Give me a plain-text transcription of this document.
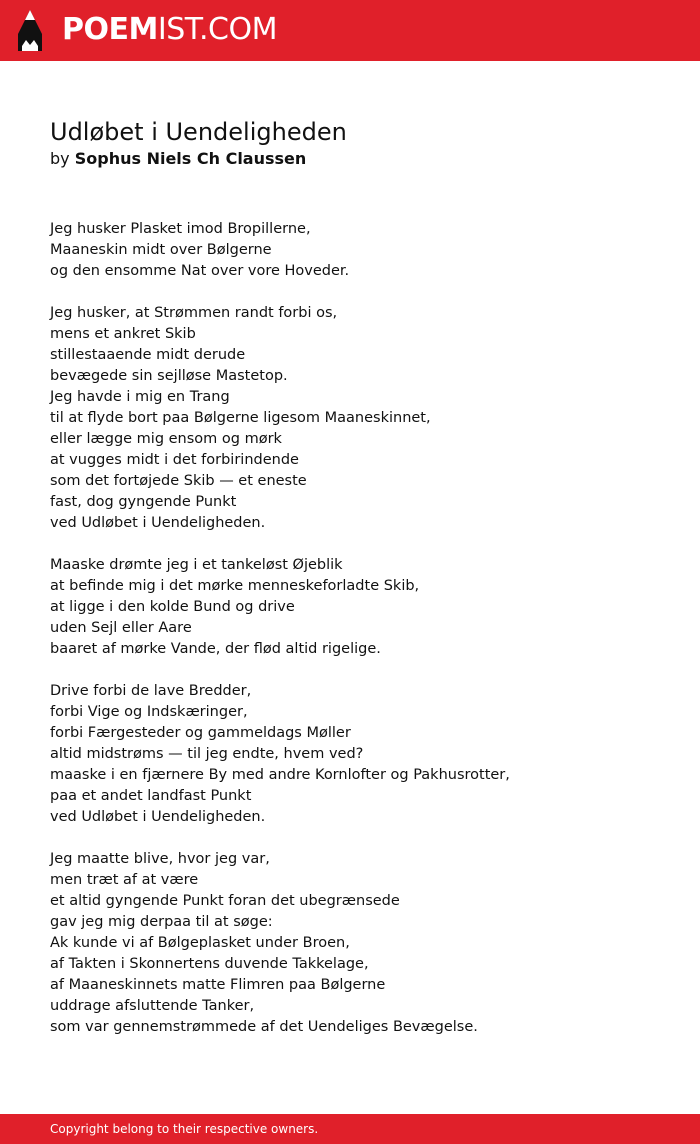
POEMIST.COM
Udløbet i Uendeligheden
by Sophus Niels Ch Claussen
Jeg husker Plasket imod Bropillerne,
Maaneskin midt over Bølgerne
og den ensomme Nat over vore Hoveder.
Jeg husker, at Strømmen randt forbi os,
mens et ankret Skib
stillestaaende midt derude
bevægede sin sejlløse Mastetop.
Jeg havde i mig en Trang
til at flyde bort paa Bølgerne ligesom Maaneskinnet,
eller lægge mig ensom og mørk
at vugges midt i det forbirindende
som det fortøjede Skib — et eneste
fast, dog gyngende Punkt
ved Udløbet i Uendeligheden.
Maaske drømte jeg i et tankeløst Øjeblik
at befinde mig i det mørke menneskeforladte Skib,
at ligge i den kolde Bund og drive
uden Sejl eller Aare
baaret af mørke Vande, der flød altid rigelige.
Drive forbi de lave Bredder,
forbi Vige og Indskæringer,
forbi Færgesteder og gammeldags Møller
altid midstrøms — til jeg endte, hvem ved?
maaske i en fjærnere By med andre Kornlofter og Pakhusrotter,
paa et andet landfast Punkt
ved Udløbet i Uendeligheden.
Jeg maatte blive, hvor jeg var,
men træt af at være
et altid gyngende Punkt foran det ubegrænsede
gav jeg mig derpaa til at søge:
Ak kunde vi af Bølgeplasket under Broen,
af Takten i Skonnertens duvende Takkelage,
af Maaneskinnets matte Flimren paa Bølgerne
uddrage afsluttende Tanker,
som var gennemstrømmede af det Uendeliges Bevægelse.
Copyright belong to their respective owners.
